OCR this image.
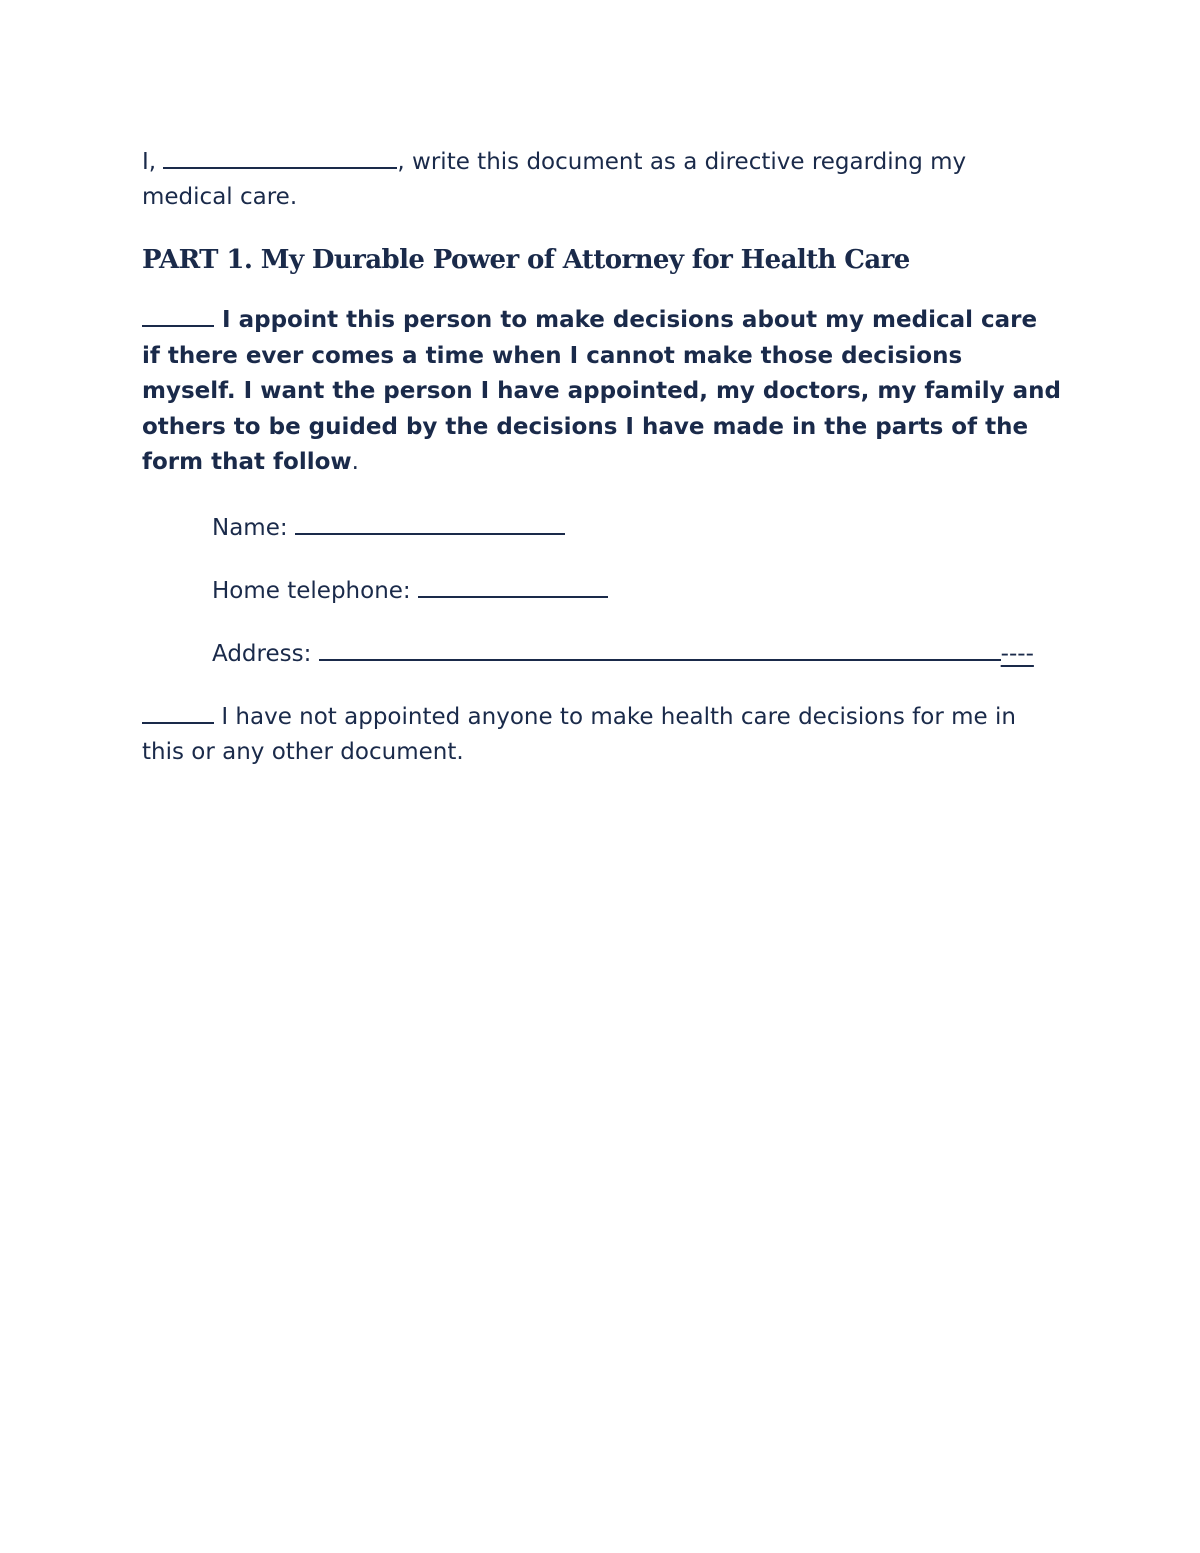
I,	, write this document as a directive regarding my medical care.

PART 1. My Durable Power of Attorney for Health Care

I appoint this person to make decisions about my medical care if there ever comes a time when I cannot make those decisions myself. I want the person I have appointed, my doctors, my family and others to be guided by the decisions I have made in the parts of the form that follow.

Name:

Home telephone:

Address:	----

I have not appointed anyone to make health care decisions for me in this or any other document.
